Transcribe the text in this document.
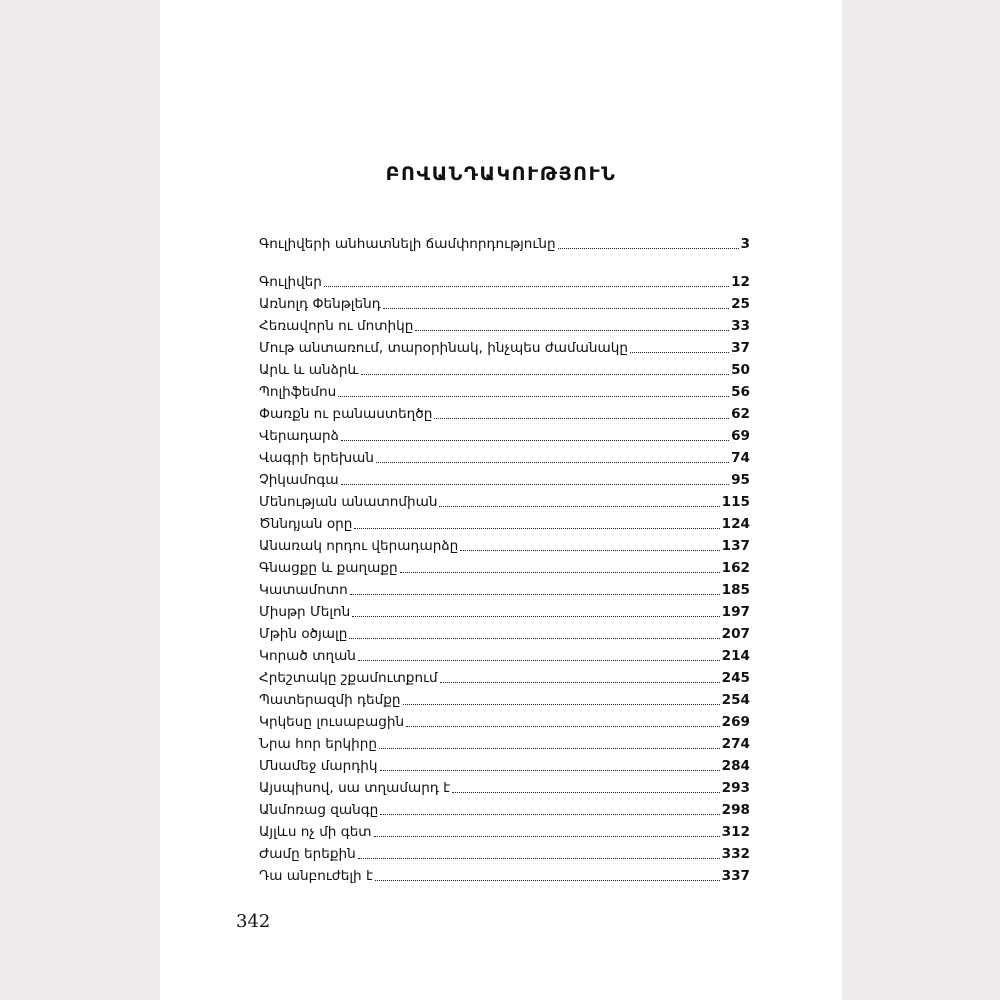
ԲՈՎԱՆԴԱԿՈՒԹՅՈՒՆ
Գուլիվերի անհատնելի ճամփորդությունը	3
Գուլիվեր	12
Առնոլդ Փենթլենդ	25
Հեռավորն ու մոտիկը	33
Մութ անտառում, տարօրինակ, ինչպես ժամանակը	37
Արև և անձրև	50
Պոլիֆեմոս	56
Փառքն ու բանաստեղծը	62
Վերադարձ	69
Վագրի երեխան	74
Չիկամոգա	95
Մենության անատոմիան	115
Ծննդյան օրը	124
Անառակ որդու վերադարձը	137
Գնացքը և քաղաքը	162
Կատամոտո	185
Միսթր Մելոն	197
Մթին օծյալը	207
Կորած տղան	214
Հրեշտակը շքամուտքում	245
Պատերազմի դեմքը	254
Կրկեսը լուսաբացին	269
Նրա հոր երկիրը	274
Մնամեջ մարդիկ	284
Այսպիսով, սա տղամարդ է	293
Անմոռաց զանգը	298
Այլևս ոչ մի գետ	312
Ժամը երեքին	332
Դա անբուժելի է	337
342
